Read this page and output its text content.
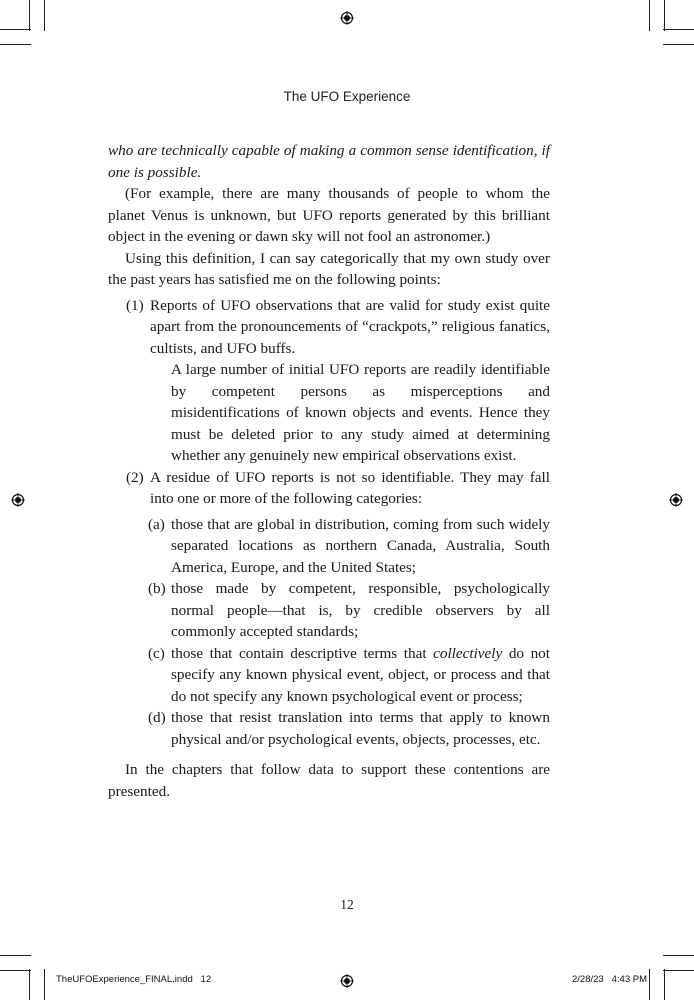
The UFO Experience

who are technically capable of making a common sense identification, if one is possible.

(For example, there are many thousands of people to whom the planet Venus is unknown, but UFO reports generated by this brilliant object in the evening or dawn sky will not fool an astronomer.)

Using this definition, I can say categorically that my own study over the past years has satisfied me on the following points:

(1) Reports of UFO observations that are valid for study exist quite apart from the pronouncements of “crackpots,” religious fanatics, cultists, and UFO buffs.

A large number of initial UFO reports are readily identifiable by competent persons as misperceptions and misidentifications of known objects and events. Hence they must be deleted prior to any study aimed at determining whether any genuinely new empirical observations exist.

(2) A residue of UFO reports is not so identifiable. They may fall into one or more of the following categories:
(a) those that are global in distribution, coming from such widely separated locations as northern Canada, Australia, South America, Europe, and the United States;
(b) those made by competent, responsible, psychologically normal people—that is, by credible observers by all commonly accepted standards;
(c) those that contain descriptive terms that collectively do not specify any known physical event, object, or process and that do not specify any known psychological event or process;
(d) those that resist translation into terms that apply to known physical and/or psychological events, objects, processes, etc.

In the chapters that follow data to support these contentions are presented.

12
TheUFOExperience_FINAL.indd   12	2/28/23   4:43 PM
